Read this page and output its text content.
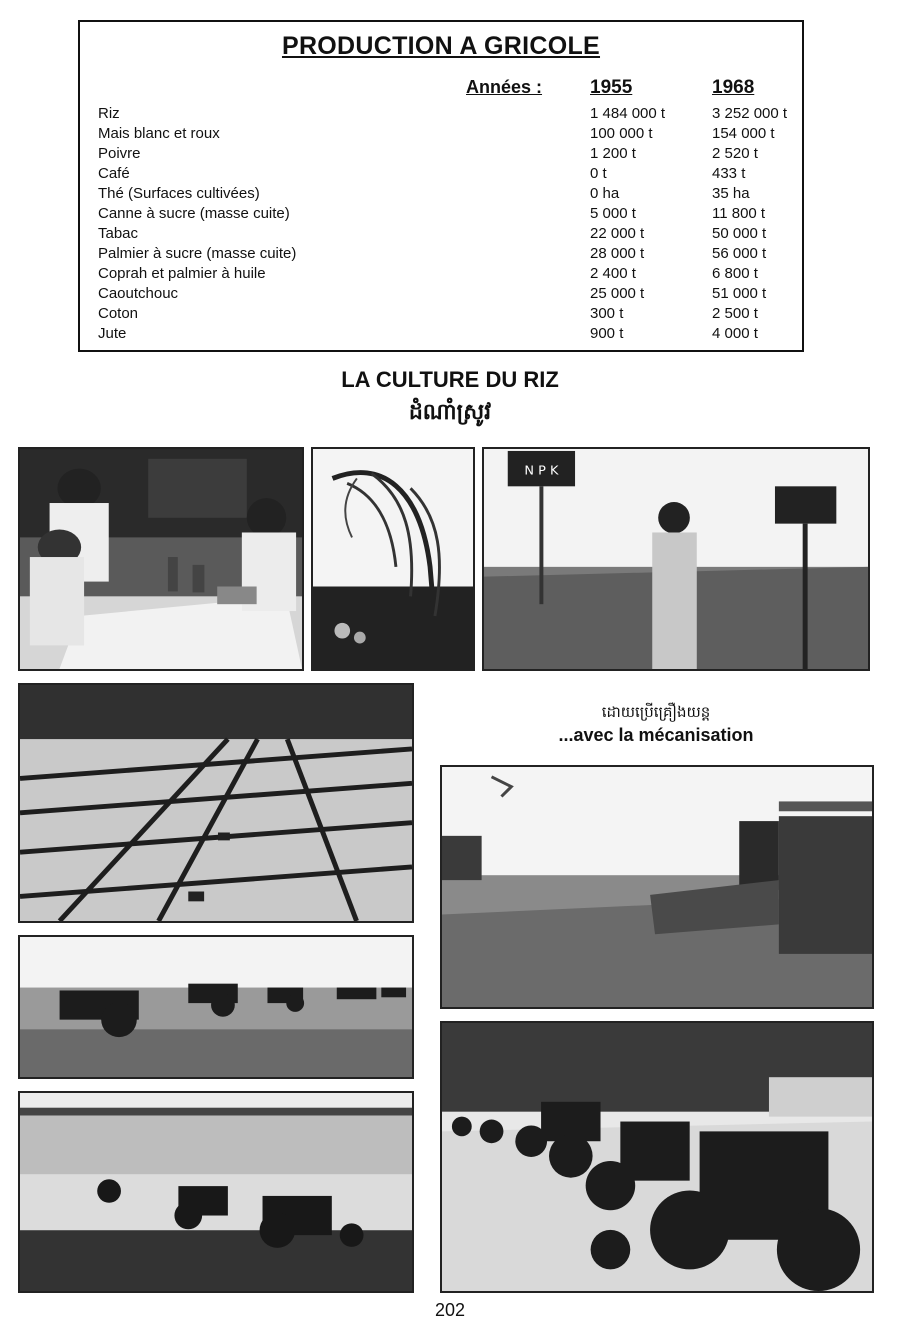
PRODUCTION A GRICOLE
Années :	1955	1968
Riz	1 484 000 t	3 252 000 t
Mais blanc et roux	100 000 t	154 000 t
Poivre	1 200 t	2 520 t
Café	0 t	433 t
Thé (Surfaces cultivées)	0 ha	35 ha
Canne à sucre (masse cuite)	5 000 t	11 800 t
Tabac	22 000 t	50 000 t
Palmier à sucre (masse cuite)	28 000 t	56 000 t
Coprah et palmier à huile	2 400 t	6 800 t
Caoutchouc	25 000 t	51 000 t
Coton	300 t	2 500 t
Jute	900 t	4 000 t
LA CULTURE DU RIZ
ដំណាំស្រូវ
N P K
ដោយប្រើគ្រឿងយន្ត
...avec la mécanisation
202
